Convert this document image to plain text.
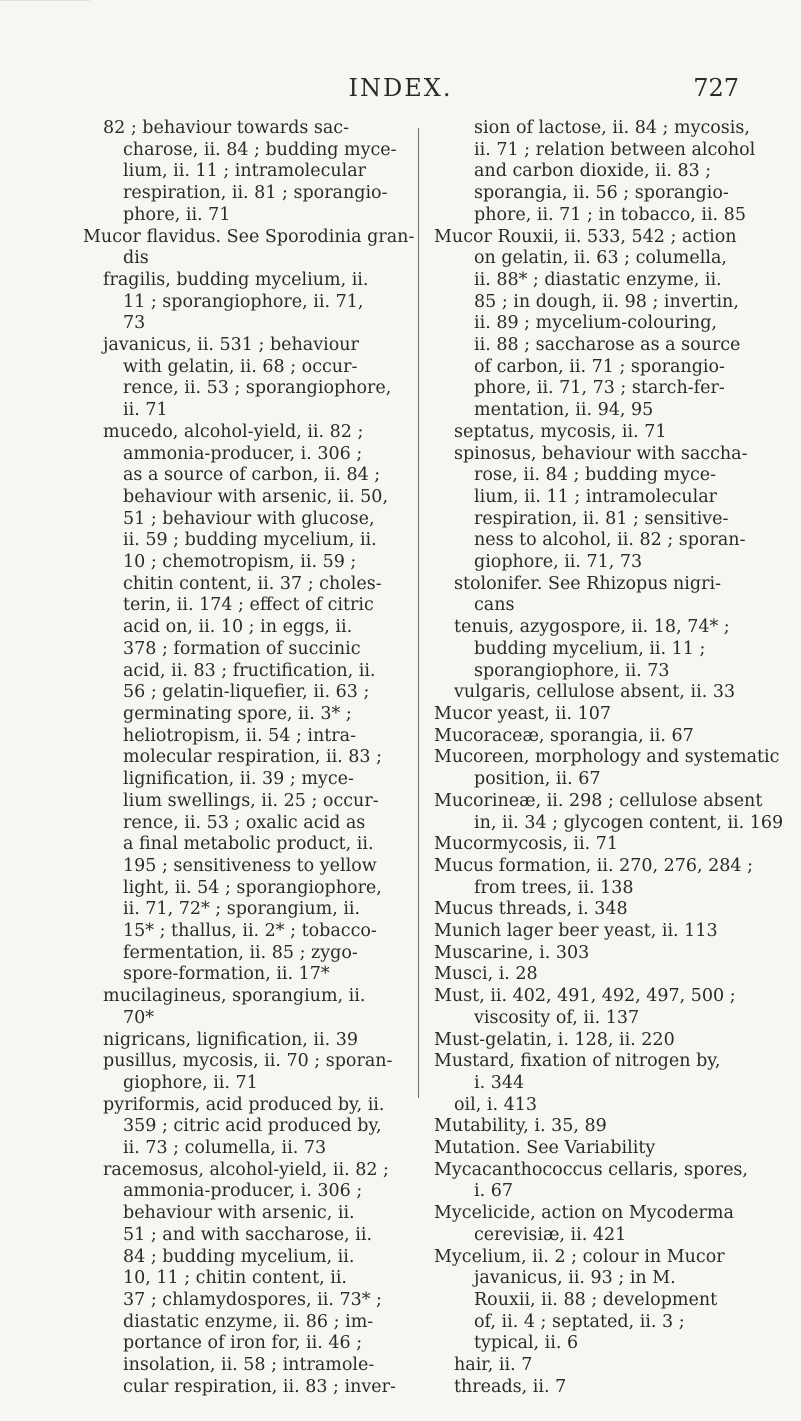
INDEX.	727
82 ; behaviour towards sac-
charose, ii. 84 ; budding myce-
lium, ii. 11 ; intramolecular
respiration, ii. 81 ; sporangio-
phore, ii. 71
Mucor flavidus. See Sporodinia gran-
dis
fragilis, budding mycelium, ii.
11 ; sporangiophore, ii. 71,
73
javanicus, ii. 531 ; behaviour
with gelatin, ii. 68 ; occur-
rence, ii. 53 ; sporangiophore,
ii. 71
mucedo, alcohol-yield, ii. 82 ;
ammonia-producer, i. 306 ;
as a source of carbon, ii. 84 ;
behaviour with arsenic, ii. 50,
51 ; behaviour with glucose,
ii. 59 ; budding mycelium, ii.
10 ; chemotropism, ii. 59 ;
chitin content, ii. 37 ; choles-
terin, ii. 174 ; effect of citric
acid on, ii. 10 ; in eggs, ii.
378 ; formation of succinic
acid, ii. 83 ; fructification, ii.
56 ; gelatin-liquefier, ii. 63 ;
germinating spore, ii. 3* ;
heliotropism, ii. 54 ; intra-
molecular respiration, ii. 83 ;
lignification, ii. 39 ; myce-
lium swellings, ii. 25 ; occur-
rence, ii. 53 ; oxalic acid as
a final metabolic product, ii.
195 ; sensitiveness to yellow
light, ii. 54 ; sporangiophore,
ii. 71, 72* ; sporangium, ii.
15* ; thallus, ii. 2* ; tobacco-
fermentation, ii. 85 ; zygo-
spore-formation, ii. 17*
mucilagineus, sporangium, ii.
70*
nigricans, lignification, ii. 39
pusillus, mycosis, ii. 70 ; sporan-
giophore, ii. 71
pyriformis, acid produced by, ii.
359 ; citric acid produced by,
ii. 73 ; columella, ii. 73
racemosus, alcohol-yield, ii. 82 ;
ammonia-producer, i. 306 ;
behaviour with arsenic, ii.
51 ; and with saccharose, ii.
84 ; budding mycelium, ii.
10, 11 ; chitin content, ii.
37 ; chlamydospores, ii. 73* ;
diastatic enzyme, ii. 86 ; im-
portance of iron for, ii. 46 ;
insolation, ii. 58 ; intramole-
cular respiration, ii. 83 ; inver-
sion of lactose, ii. 84 ; mycosis,
ii. 71 ; relation between alcohol
and carbon dioxide, ii. 83 ;
sporangia, ii. 56 ; sporangio-
phore, ii. 71 ; in tobacco, ii. 85
Mucor Rouxii, ii. 533, 542 ; action
on gelatin, ii. 63 ; columella,
ii. 88* ; diastatic enzyme, ii.
85 ; in dough, ii. 98 ; invertin,
ii. 89 ; mycelium-colouring,
ii. 88 ; saccharose as a source
of carbon, ii. 71 ; sporangio-
phore, ii. 71, 73 ; starch-fer-
mentation, ii. 94, 95
septatus, mycosis, ii. 71
spinosus, behaviour with saccha-
rose, ii. 84 ; budding myce-
lium, ii. 11 ; intramolecular
respiration, ii. 81 ; sensitive-
ness to alcohol, ii. 82 ; sporan-
giophore, ii. 71, 73
stolonifer. See Rhizopus nigri-
cans
tenuis, azygospore, ii. 18, 74* ;
budding mycelium, ii. 11 ;
sporangiophore, ii. 73
vulgaris, cellulose absent, ii. 33
Mucor yeast, ii. 107
Mucoraceæ, sporangia, ii. 67
Mucoreen, morphology and systematic
position, ii. 67
Mucorineæ, ii. 298 ; cellulose absent
in, ii. 34 ; glycogen content, ii. 169
Mucormycosis, ii. 71
Mucus formation, ii. 270, 276, 284 ;
from trees, ii. 138
Mucus threads, i. 348
Munich lager beer yeast, ii. 113
Muscarine, i. 303
Musci, i. 28
Must, ii. 402, 491, 492, 497, 500 ;
viscosity of, ii. 137
Must-gelatin, i. 128, ii. 220
Mustard, fixation of nitrogen by,
i. 344
oil, i. 413
Mutability, i. 35, 89
Mutation. See Variability
Mycacanthococcus cellaris, spores,
i. 67
Mycelicide, action on Mycoderma
cerevisiæ, ii. 421
Mycelium, ii. 2 ; colour in Mucor
javanicus, ii. 93 ; in M.
Rouxii, ii. 88 ; development
of, ii. 4 ; septated, ii. 3 ;
typical, ii. 6
hair, ii. 7
threads, ii. 7
